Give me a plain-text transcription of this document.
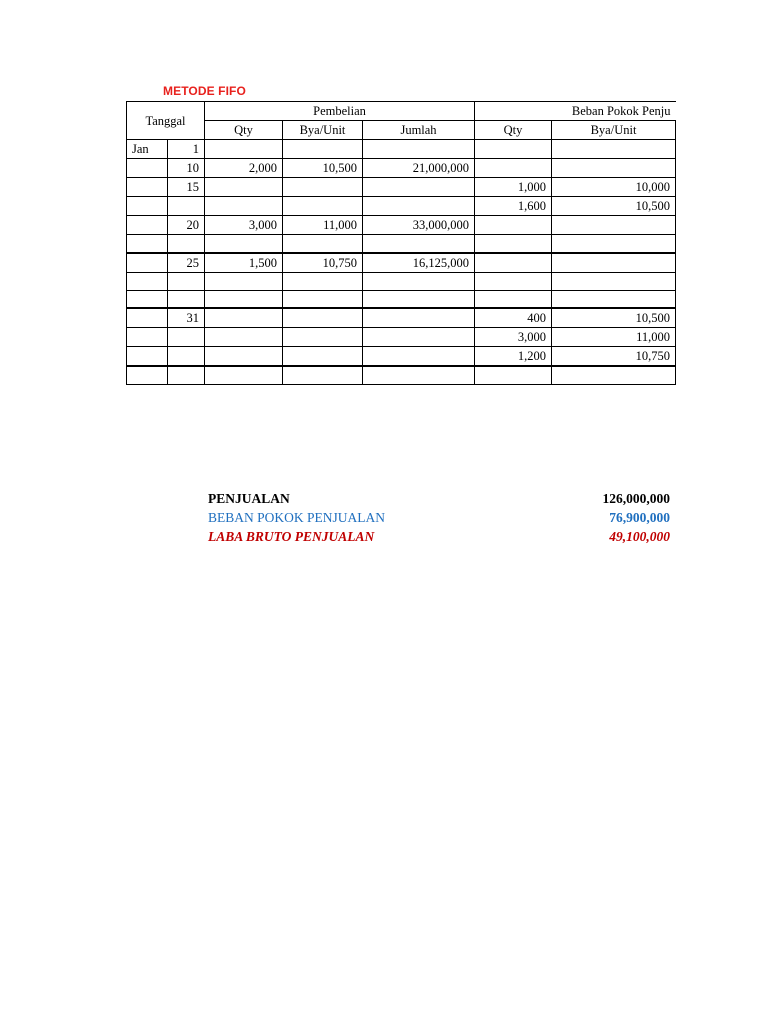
METODE FIFO
Tanggal		Pembelian			Beban Pokok Penju	
		Qty	Bya/Unit	Jumlah	Qty	Bya/Unit
Jan	1					
	10	2,000	10,500	21,000,000		
	15				1,000	10,000
					1,600	10,500
	20	3,000	11,000	33,000,000		

	25	1,500	10,750	16,125,000		

	31				400	10,500
					3,000	11,000
					1,200	10,750

PENJUALAN	126,000,000
BEBAN POKOK PENJUALAN	76,900,000
LABA BRUTO PENJUALAN	49,100,000
